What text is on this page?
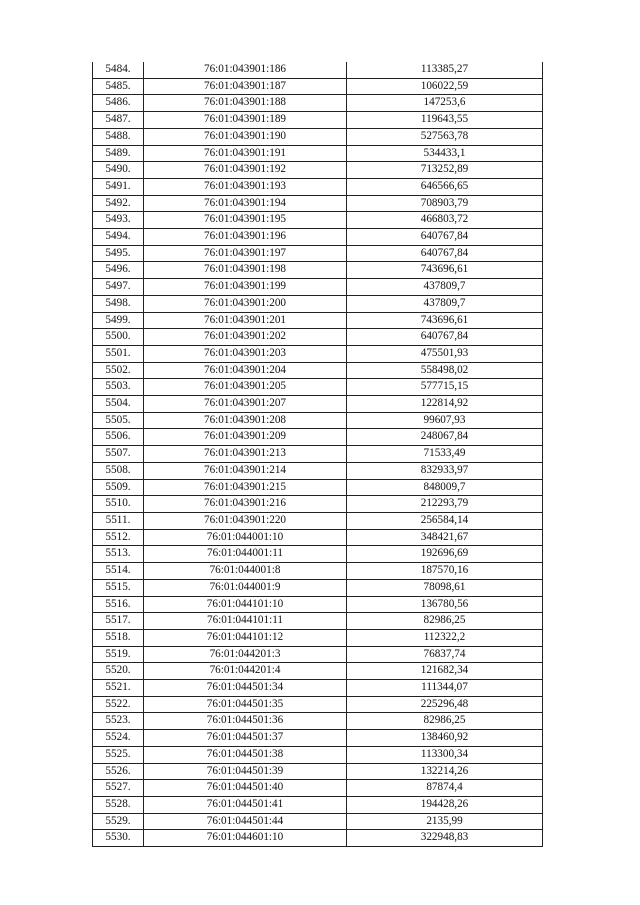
5484.	76:01:043901:186	113385,27
5485.	76:01:043901:187	106022,59
5486.	76:01:043901:188	147253,6
5487.	76:01:043901:189	119643,55
5488.	76:01:043901:190	527563,78
5489.	76:01:043901:191	534433,1
5490.	76:01:043901:192	713252,89
5491.	76:01:043901:193	646566,65
5492.	76:01:043901:194	708903,79
5493.	76:01:043901:195	466803,72
5494.	76:01:043901:196	640767,84
5495.	76:01:043901:197	640767,84
5496.	76:01:043901:198	743696,61
5497.	76:01:043901:199	437809,7
5498.	76:01:043901:200	437809,7
5499.	76:01:043901:201	743696,61
5500.	76:01:043901:202	640767,84
5501.	76:01:043901:203	475501,93
5502.	76:01:043901:204	558498,02
5503.	76:01:043901:205	577715,15
5504.	76:01:043901:207	122814,92
5505.	76:01:043901:208	99607,93
5506.	76:01:043901:209	248067,84
5507.	76:01:043901:213	71533,49
5508.	76:01:043901:214	832933,97
5509.	76:01:043901:215	848009,7
5510.	76:01:043901:216	212293,79
5511.	76:01:043901:220	256584,14
5512.	76:01:044001:10	348421,67
5513.	76:01:044001:11	192696,69
5514.	76:01:044001:8	187570,16
5515.	76:01:044001:9	78098,61
5516.	76:01:044101:10	136780,56
5517.	76:01:044101:11	82986,25
5518.	76:01:044101:12	112322,2
5519.	76:01:044201:3	76837,74
5520.	76:01:044201:4	121682,34
5521.	76:01:044501:34	111344,07
5522.	76:01:044501:35	225296,48
5523.	76:01:044501:36	82986,25
5524.	76:01:044501:37	138460,92
5525.	76:01:044501:38	113300,34
5526.	76:01:044501:39	132214,26
5527.	76:01:044501:40	87874,4
5528.	76:01:044501:41	194428,26
5529.	76:01:044501:44	2135,99
5530.	76:01:044601:10	322948,83
